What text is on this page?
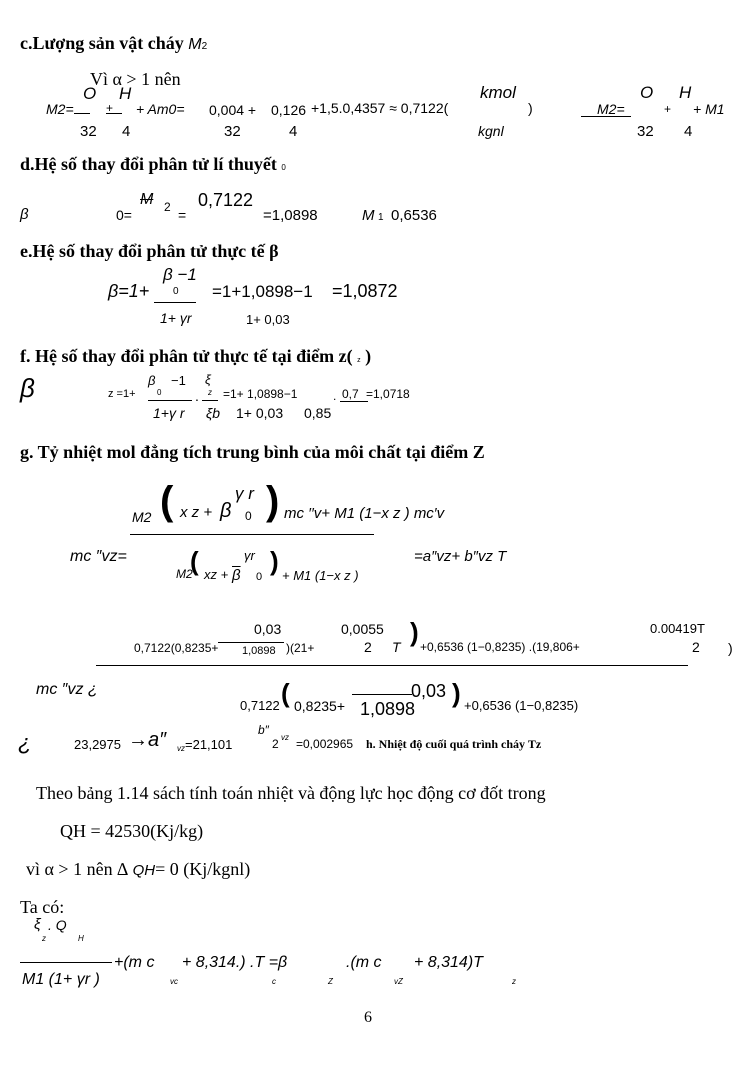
c.Lượng sản vật cháy M2
Vì α > 1 nên
M2=
O
32
H
+
4
+ Am0= 0,004 +
32
0,126
4
+1,5.0,4357 ≈ 0,7122(
kmol
kgnl
)	M2=
O
32
+
H
4
+ M1
d.Hệ số thay đổi phân tử lí thuyết 0
β	0=
M 2 =
0,7122
=1,0898	M 1 0,6536
e.Hệ số thay đổi phân tử thực tế β
β=1+
β −1
0
1+ γr
=1+1,0898−1
1+ 0,03
=1,0872
f. Hệ số thay đổi phân tử thực tế tại điểm z( z )
β	z =1+
β
0
−1
1+γ r
.
ξ
z
ξb
=1+ 1,0898−1
1+ 0,03
. 0,7
0,85
=1,0718
g. Tỷ nhiệt mol đẳng tích trung bình của môi chất tại điểm Z
mc ″vz=
M2 ( x z + β
γ r
0 ) mc ′′v+ M1 (1−x z ) mc′v
M2
( xz +
γr
$\overline{\beta}$ 0
) + M1 (1−x z )
=a″vz+ b″vz T
0,03	0,0055	0.00419T
0,7122(0,8235+ 1,0898 )(21+	2 T ) +0,6536 (1−0,8235) .(19,806+	2 )
mc ″vz ¿
0,7122 ( 0,8235+
0,03
1,0898
) +0,6536 (1−0,8235)
¿	23,2975 →a″ vz =21,101
b″
vz
2 =0,002965 h. Nhiệt độ cuối quá trình cháy Tz
Theo bảng 1.14 sách tính toán nhiệt và động lực học động cơ đốt trong
QH = 42530(Kj/kg)
vì α > 1 nên ∆ QH= 0 (Kj/kgnl)
Ta có:
ξ
z
. Q
H
M1 (1+ γr )
+(m c
vc
+ 8,314.) .T =β
c	Z
.(m c
vZ
+ 8,314)T
z
6
